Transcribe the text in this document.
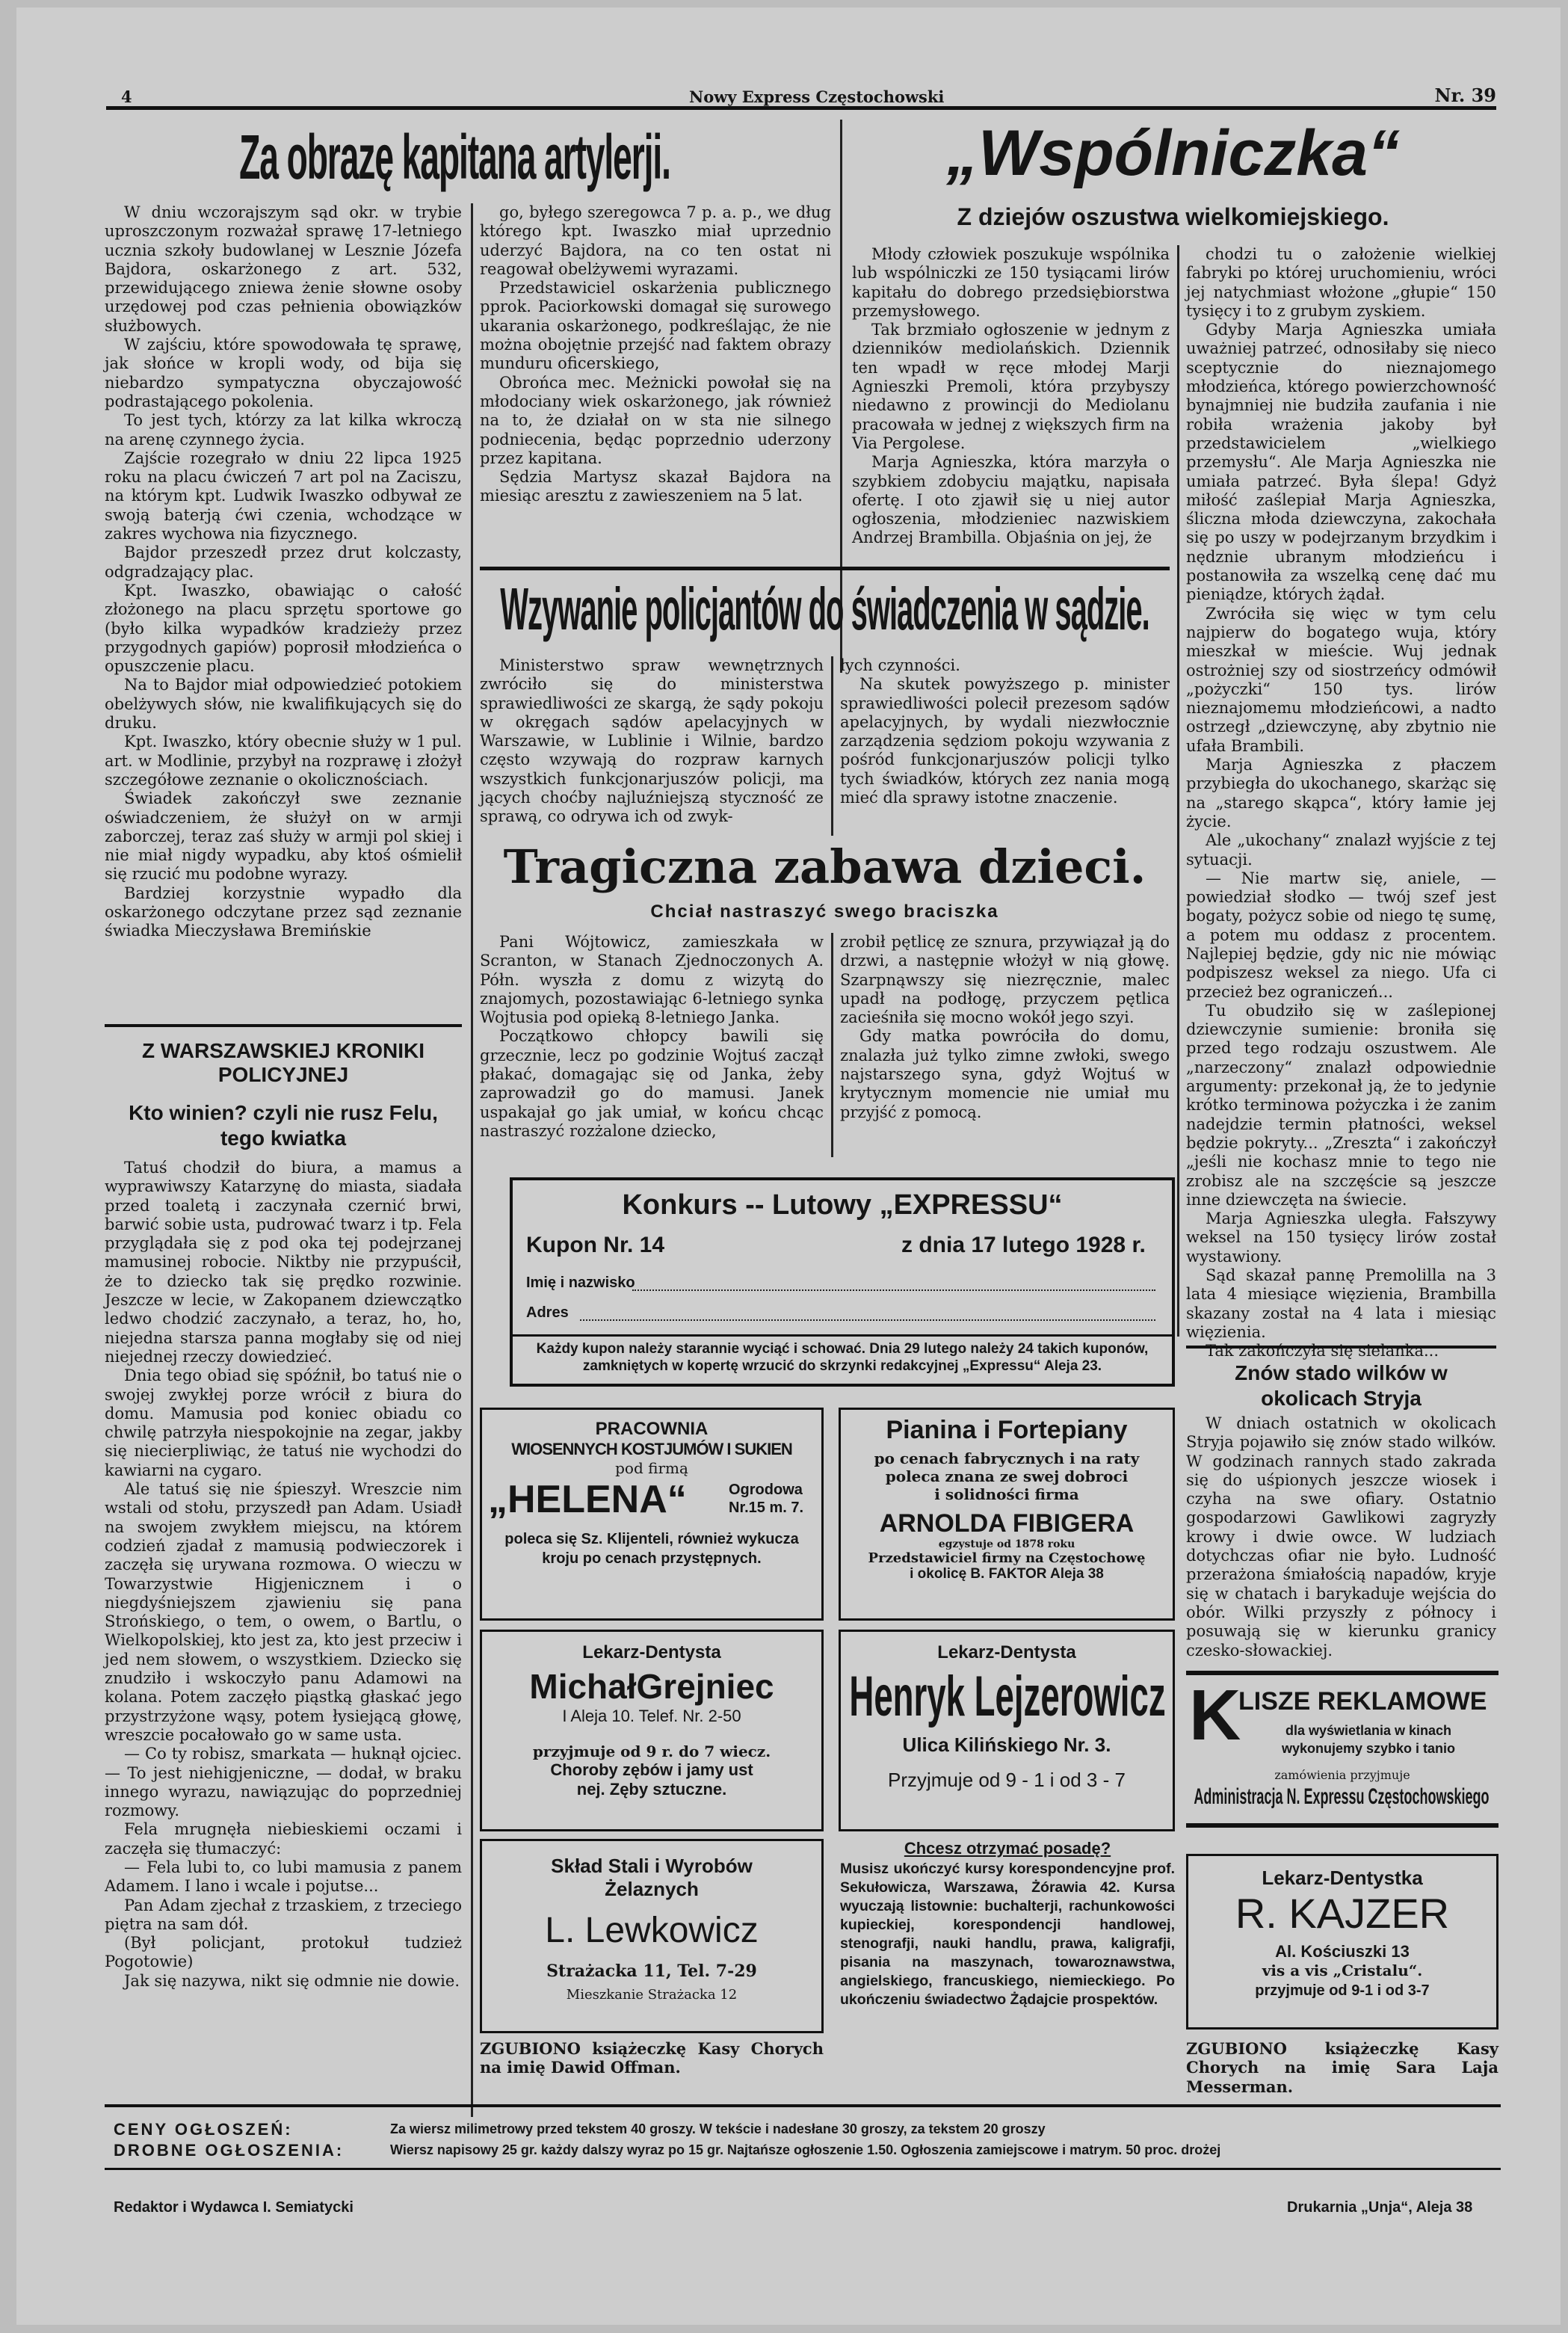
4	Nowy Express Częstochowski	Nr. 39
Za obrazę kapitana artylerji.

W dniu wczorajszym sąd okr. w trybie uproszczonym rozważał sprawę 17-letniego ucznia szkoły budowlanej w Lesznie Józefa Bajdora, oskarżonego z art. 532, przewidującego zniewa żenie słowne osoby urzędowej pod czas pełnienia obowiązków służbowych.

W zajściu, które spowodowała tę sprawę, jak słońce w kropli wody, od bija się niebardzo sympatyczna obyczajowość podrastającego pokolenia.

To jest tych, którzy za lat kilka wkroczą na arenę czynnego życia.

Zajście rozegrało w dniu 22 lipca 1925 roku na placu ćwiczeń 7 art pol na Zaciszu, na którym kpt. Ludwik Iwaszko odbywał ze swoją baterją ćwi czenia, wchodzące w zakres wychowa nia fizycznego.

Bajdor przeszedł przez drut kolczasty, odgradzający plac.

Kpt. Iwaszko, obawiając o całość złożonego na placu sprzętu sportowe go (było kilka wypadków kradzieży przez przygodnych gapiów) poprosił młodzieńca o opuszczenie placu.

Na to Bajdor miał odpowiedzieć potokiem obelżywych słów, nie kwalifikujących się do druku.

Kpt. Iwaszko, który obecnie służy w 1 pul. art. w Modlinie, przybył na rozprawę i złożył szczegółowe zeznanie o okolicznościach.

Świadek zakończył swe zeznanie oświadczeniem, że służył on w armji zaborczej, teraz zaś służy w armji pol skiej i nie miał nigdy wypadku, aby ktoś ośmielił się rzucić mu podobne wyrazy.

Bardziej korzystnie wypadło dla oskarżonego odczytane przez sąd zeznanie świadka Mieczysława Bremińskie

go, byłego szeregowca 7 p. a. p., we dług którego kpt. Iwaszko miał uprzednio uderzyć Bajdora, na co ten ostat ni reagował obelżywemi wyrazami.

Przedstawiciel oskarżenia publicznego pprok. Paciorkowski domagał się surowego ukarania oskarżonego, podkreślając, że nie można obojętnie przejść nad faktem obrazy munduru oficerskiego,

Obrońca mec. Meżnicki powołał się na młodociany wiek oskarżonego, jak również na to, że działał on w sta nie silnego podniecenia, będąc poprzednio uderzony przez kapitana.

Sędzia Martysz skazał Bajdora na miesiąc aresztu z zawieszeniem na 5 lat.

Z WARSZAWSKIEJ KRONIKI POLICYJNEJ
Kto winien? czyli nie rusz Felu, tego kwiatka

Tatuś chodził do biura, a mamus a wyprawiwszy Katarzynę do miasta, siadała przed toaletą i zaczynała czernić brwi, barwić sobie usta, pudrować twarz i tp. Fela przyglądała się z pod oka tej podejrzanej mamusinej robocie. Niktby nie przypuścił, że to dziecko tak się prędko rozwinie. Jeszcze w lecie, w Zakopanem dziewczątko ledwo chodzić zaczynało, a teraz, ho, ho, niejedna starsza panna mogłaby się od niej niejednej rzeczy dowiedzieć.

Dnia tego obiad się spóźnił, bo tatuś nie o swojej zwykłej porze wrócił z biura do domu. Mamusia pod koniec obiadu co chwilę patrzyła niespokojnie na zegar, jakby się niecierpliwiąc, że tatuś nie wychodzi do kawiarni na cygaro.

Ale tatuś się nie śpieszył. Wreszcie nim wstali od stołu, przyszedł pan Adam. Usiadł na swojem zwykłem miejscu, na którem codzień zjadał z mamusią podwieczorek i zaczęła się urywana rozmowa. O wieczu w Towarzystwie Higjenicznem i o niegdyśniejszem zjawieniu się pana Strońskiego, o tem, o owem, o Bartlu, o Wielkopolskiej, kto jest za, kto jest przeciw i jed nem słowem, o wszystkiem. Dziecko się znudziło i wskoczyło panu Adamowi na kolana. Potem zaczęło piąstką głaskać jego przystrzyżone wąsy, potem łysiejącą głowę, wreszcie pocałowało go w same usta.

— Co ty robisz, smarkata — huknął ojciec. — To jest niehigjeniczne, — dodał, w braku innego wyrazu, nawiązując do poprzedniej rozmowy.

Fela mrugnęła niebieskiemi oczami i zaczęła się tłumaczyć:

— Fela lubi to, co lubi mamusia z panem Adamem. I lano i wcale i pojutse...

Pan Adam zjechał z trzaskiem, z trzeciego piętra na sam dół.

(Był policjant, protokuł tudzież Pogotowie)

Jak się nazywa, nikt się odmnie nie dowie.

„Wspólniczka“
Z dziejów oszustwa wielkomiejskiego.

Młody człowiek poszukuje wspólnika lub wspólniczki ze 150 tysiącami lirów kapitału do dobrego przedsiębiorstwa przemysłowego.

Tak brzmiało ogłoszenie w jednym z dzienników mediolańskich. Dziennik ten wpadł w ręce młodej Marji Agnieszki Premoli, która przybyszy niedawno z prowincji do Mediolanu pracowała w jednej z większych firm na Via Pergolese.

Marja Agnieszka, która marzyła o szybkiem zdobyciu majątku, napisała ofertę. I oto zjawił się u niej autor ogłoszenia, młodzieniec nazwiskiem Andrzej Brambilla. Objaśnia on jej, że

chodzi tu o założenie wielkiej fabryki po której uruchomieniu, wróci jej natychmiast włożone „głupie“ 150 tysięcy i to z grubym zyskiem.

Gdyby Marja Agnieszka umiała uważniej patrzeć, odnosiłaby się nieco sceptycznie do nieznajomego młodzieńca, którego powierzchowność bynajmniej nie budziła zaufania i nie robiła wrażenia jakoby był przedstawicielem „wielkiego przemysłu“. Ale Marja Agnieszka nie umiała patrzeć. Była ślepa! Gdyż miłość zaślepiał Marja Agnieszka, śliczna młoda dziewczyna, zakochała się po uszy w podejrzanym brzydkim i nędznie ubranym młodzieńcu i postanowiła za wszelką cenę dać mu pieniądze, których żądał.

Zwróciła się więc w tym celu najpierw do bogatego wuja, który mieszkał w mieście. Wuj jednak ostrożniej szy od siostrzeńcy odmówił „pożyczki“ 150 tys. lirów nieznajomemu młodzieńcowi, a nadto ostrzegł „dziewczynę, aby zbytnio nie ufała Brambili.

Marja Agnieszka z płaczem przybiegła do ukochanego, skarżąc się na „starego skąpca“, który łamie jej życie.

Ale „ukochany“ znalazł wyjście z tej sytuacji.

— Nie martw się, aniele, — powiedział słodko — twój szef jest bogaty, pożycz sobie od niego tę sumę, a potem mu oddasz z procentem. Najlepiej będzie, gdy nic nie mówiąc podpiszesz weksel za niego. Ufa ci przecież bez ograniczeń...

Tu obudziło się w zaślepionej dziewczynie sumienie: broniła się przed tego rodzaju oszustwem. Ale „narzeczony“ znalazł odpowiednie argumenty: przekonał ją, że to jedynie krótko terminowa pożyczka i że zanim nadejdzie termin płatności, weksel będzie pokryty... „Zreszta“ i zakończył „jeśli nie kochasz mnie to tego nie zrobisz ale na szczęście są jeszcze inne dziewczęta na świecie.

Marja Agnieszka uległa. Fałszywy weksel na 150 tysięcy lirów został wystawiony.

Sąd skazał pannę Premolilla na 3 lata 4 miesiące więzienia, Brambilla skazany został na 4 lata i miesiąc więzienia.

Tak zakończyła się sielanka...

Wzywanie policjantów do świadczenia w sądzie.

Ministerstwo spraw wewnętrznych zwróciło się do ministerstwa sprawiedliwości ze skargą, że sądy pokoju w okręgach sądów apelacyjnych w Warszawie, w Lublinie i Wilnie, bardzo często wzywają do rozpraw karnych wszystkich funkcjonarjuszów policji, ma jących choćby najluźniejszą styczność ze sprawą, co odrywa ich od zwyk-

łych czynności.

Na skutek powyższego p. minister sprawiedliwości polecił prezesom sądów apelacyjnych, by wydali niezwłocznie zarządzenia sędziom pokoju wzywania z pośród funkcjonarjuszów policji tylko tych świadków, których zez nania mogą mieć dla sprawy istotne znaczenie.

Tragiczna zabawa dzieci.
Chciał nastraszyć swego braciszka

Pani Wójtowicz, zamieszkała w Scranton, w Stanach Zjednoczonych A. Półn. wyszła z domu z wizytą do znajomych, pozostawiając 6-letniego synka Wojtusia pod opieką 8-letniego Janka.

Początkowo chłopcy bawili się grzecznie, lecz po godzinie Wojtuś zaczął płakać, domagając się od Janka, żeby zaprowadził go do mamusi. Janek uspakajał go jak umiał, w końcu chcąc nastraszyć rozżalone dziecko,

zrobił pętlicę ze sznura, przywiązał ją do drzwi, a następnie włożył w nią głowę. Szarpnąwszy się niezręcznie, malec upadł na podłogę, przyczem pętlica zacieśniła się mocno wokół jego szyi.

Gdy matka powróciła do domu, znalazła już tylko zimne zwłoki, swego najstarszego syna, gdyż Wojtuś w krytycznym momencie nie umiał mu przyjść z pomocą.

Konkurs -- Lutowy „EXPRESSU“
Kupon Nr. 14	z dnia 17 lutego 1928 r.
Imię i nazwisko
Adres
Każdy kupon należy starannie wyciąć i schować. Dnia 29 lutego należy 24 takich kuponów, zamkniętych w kopertę wrzucić do skrzynki redakcyjnej „Expressu“ Aleja 23.
PRACOWNIA
WIOSENNYCH KOSTJUMÓW I SUKIEN
pod firmą
„HELENA“	Ogrodowa
Nr.15 m. 7.
poleca się Sz. Klijenteli, również wykucza kroju po cenach przystępnych.
Pianina i Fortepiany
po cenach fabrycznych i na raty
poleca znana ze swej dobroci
i solidności firma
ARNOLDA FIBIGERA
egzystuje od 1878 roku
Przedstawiciel firmy na Częstochowę
i okolicę B. FAKTOR Aleja 38
Lekarz-Dentysta
MichałGrejniec
I Aleja 10. Telef. Nr. 2-50
przyjmuje od 9 r. do 7 wiecz.
Choroby zębów i jamy ust
nej. Zęby sztuczne.
Lekarz-Dentysta
Henryk Lejzerowicz
Ulica Kilińskiego Nr. 3.
Przyjmuje od 9 - 1 i od 3 - 7
Skład Stali i Wyrobów
Żelaznych
L. Lewkowicz
Strażacka 11, Tel. 7-29
Mieszkanie Strażacka 12
Chcesz otrzymać posadę?
Musisz ukończyć kursy korespondencyjne prof. Sekułowicza, Warszawa, Żórawia 42. Kursa wyuczają listownie: buchalterji, rachunkowości kupieckiej, korespondencji handlowej, stenografji, nauki handlu, prawa, kaligrafji, pisania na maszynach, towaroznawstwa, angielskiego, francuskiego, niemieckiego. Po ukończeniu świadectwo Żądajcie prospektów.
ZGUBIONO książeczkę Kasy Chorych na imię Dawid Offman.
Znów stado wilków w okolicach Stryja

W dniach ostatnich w okolicach Stryja pojawiło się znów stado wilków. W godzinach rannych stado zakrada się do uśpionych jeszcze wiosek i czyha na swe ofiary. Ostatnio gospodarzowi Gawlikowi zagryzły krowy i dwie owce. W ludziach dotychczas ofiar nie było. Ludność przerażona śmiałością napadów, kryje się w chatach i barykaduje wejścia do obór. Wilki przyszły z północy i posuwają się w kierunku granicy czesko-słowackiej.

K
LISZE REKLAMOWE
dla wyświetlania w kinach
wykonujemy szybko i tanio
zamówienia przyjmuje
Administracja N. Expressu Częstochowskiego
Lekarz-Dentystka
R. KAJZER
Al. Kościuszki 13
vis a vis „Cristalu“.
przyjmuje od 9-1 i od 3-7
ZGUBIONO książeczkę Kasy Chorych na imię Sara Laja Messerman.
CENY OGŁOSZEŃ:	Za wiersz milimetrowy przed tekstem 40 groszy. W tekście i nadesłane 30 groszy, za tekstem 20 groszy
DROBNE OGŁOSZENIA:	Wiersz napisowy 25 gr. każdy dalszy wyraz po 15 gr. Najtańsze ogłoszenie 1.50. Ogłoszenia zamiejscowe i matrym. 50 proc. drożej
Redaktor i Wydawca I. Semiatycki	Drukarnia „Unja“, Aleja 38
